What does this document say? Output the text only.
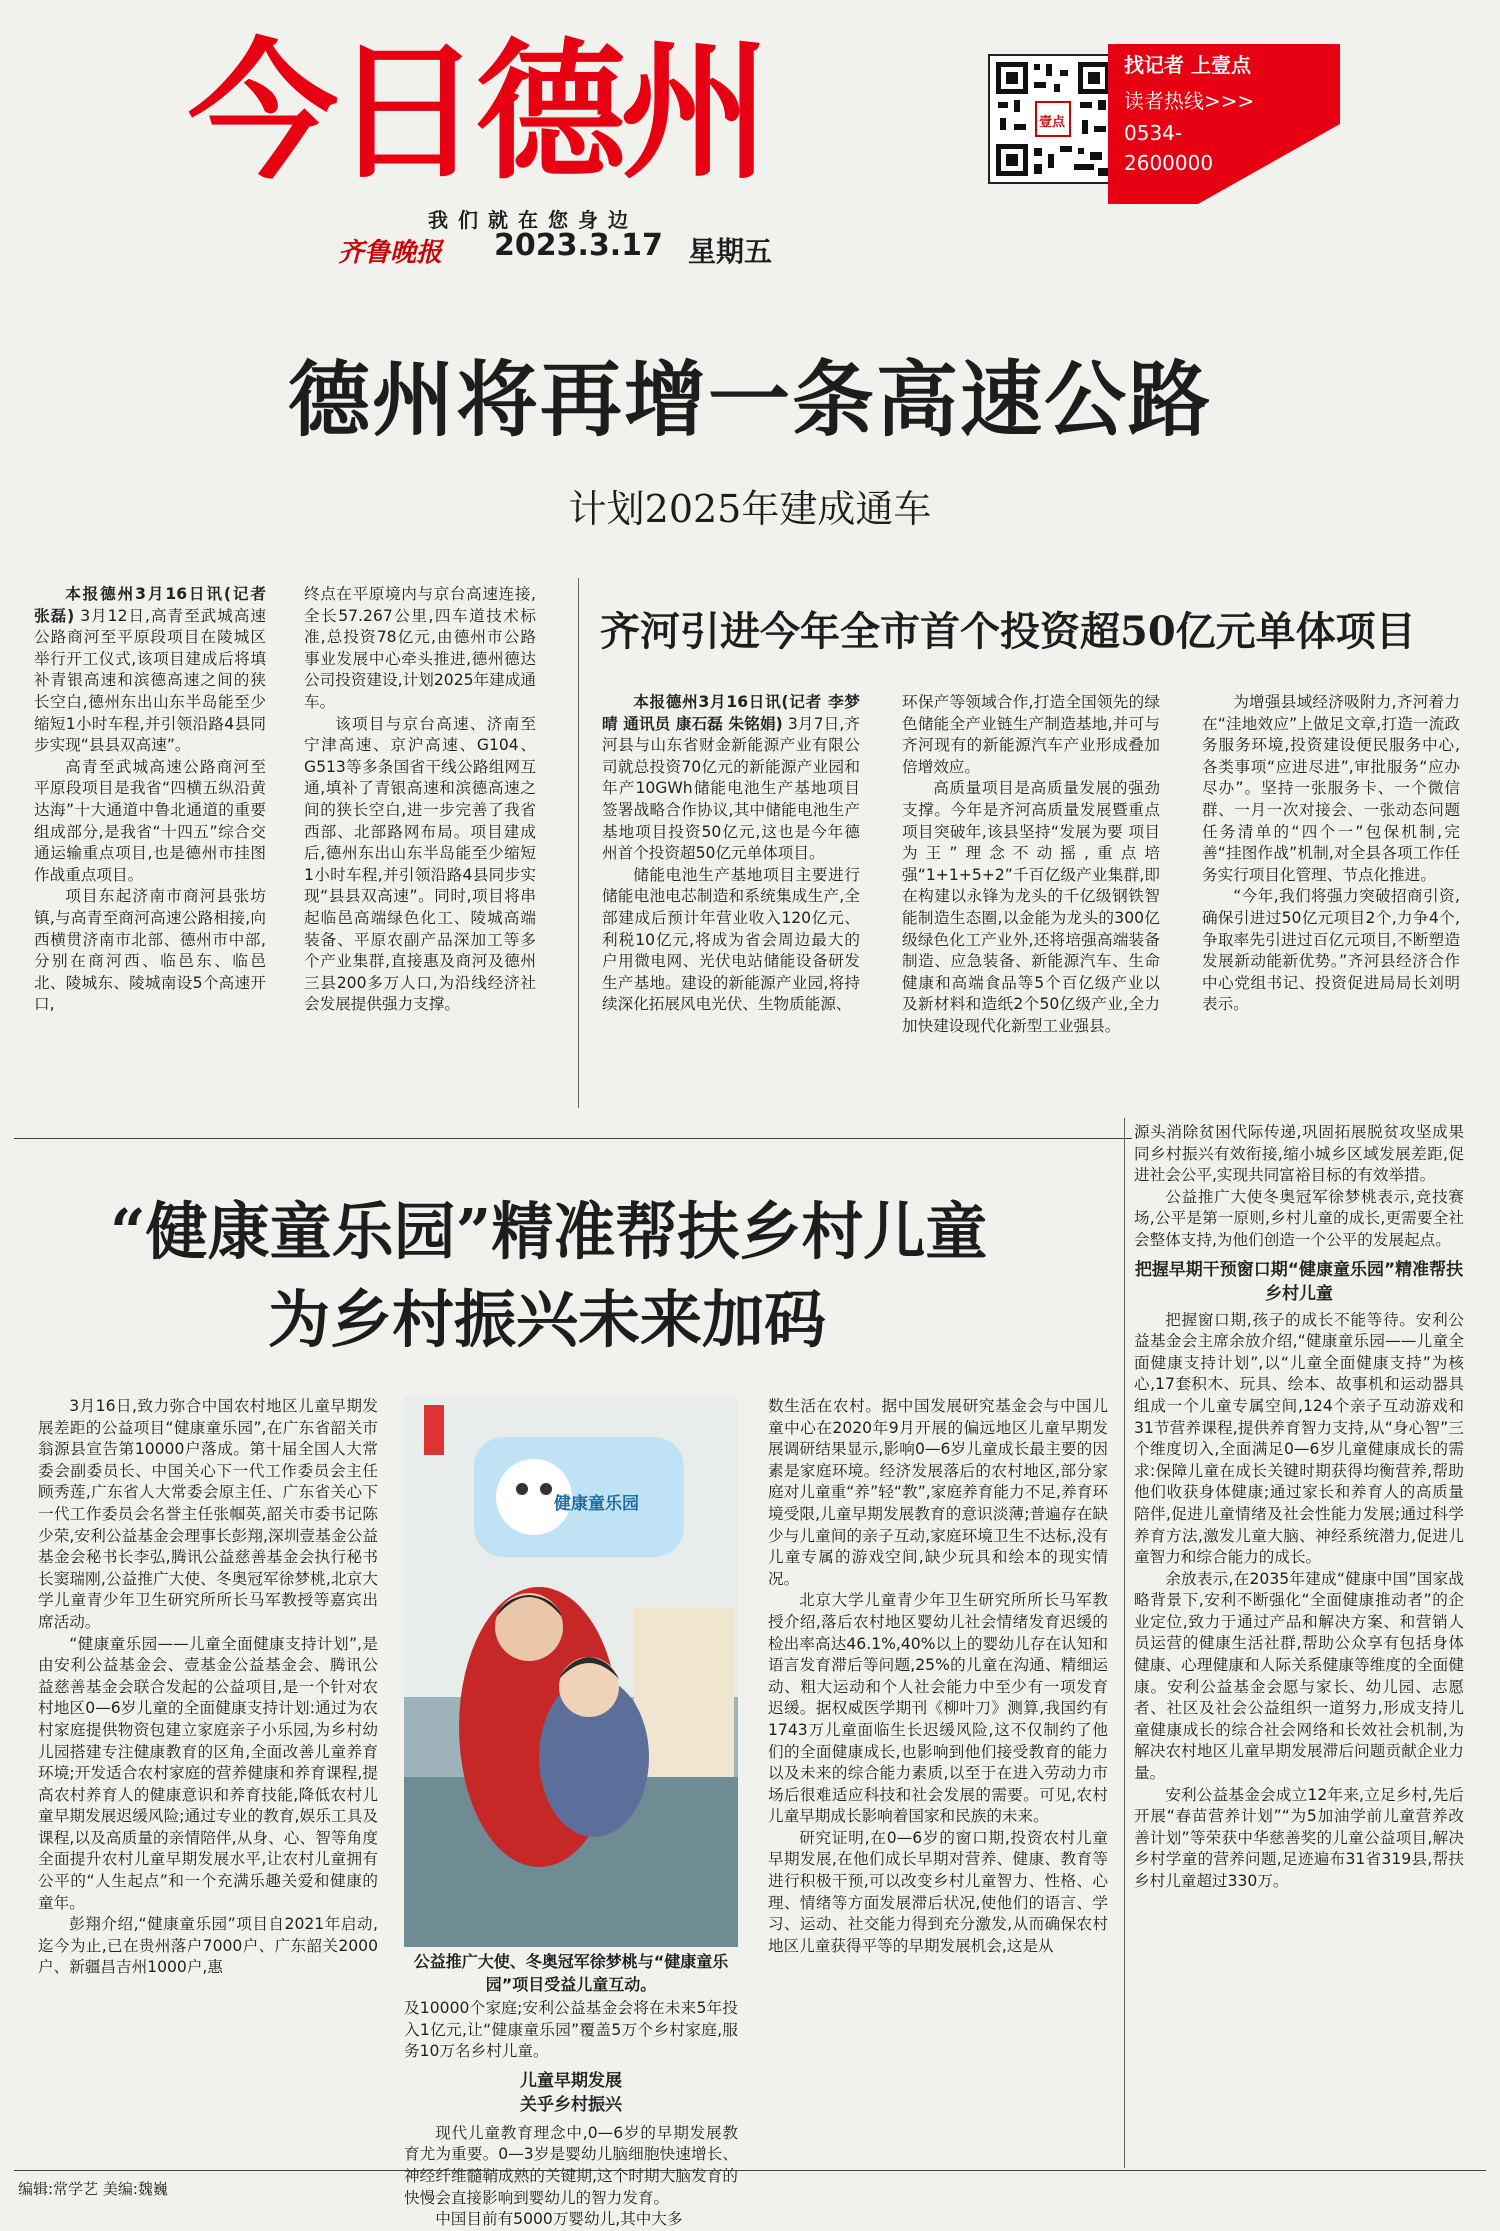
今日德州	壹点
找记者 上壹点
读者热线>>>
0534-
2600000
我们就在您身边
齐鲁晚报 2023.3.17 星期五
德州将再增一条高速公路
计划2025年建成通车

本报德州3月16日讯(记者 张磊) 3月12日,高青至武城高速公路商河至平原段项目在陵城区举行开工仪式,该项目建成后将填补青银高速和滨德高速之间的狭长空白,德州东出山东半岛能至少缩短1小时车程,并引领沿路4县同步实现“县县双高速”。

高青至武城高速公路商河至平原段项目是我省“四横五纵沿黄达海”十大通道中鲁北通道的重要组成部分,是我省“十四五”综合交通运输重点项目,也是德州市挂图作战重点项目。

项目东起济南市商河县张坊镇,与高青至商河高速公路相接,向西横贯济南市北部、德州市中部,分别在商河西、临邑东、临邑北、陵城东、陵城南设5个高速开口,

终点在平原境内与京台高速连接,全长57.267公里,四车道技术标准,总投资78亿元,由德州市公路事业发展中心牵头推进,德州德达公司投资建设,计划2025年建成通车。

该项目与京台高速、济南至宁津高速、京沪高速、G104、G513等多条国省干线公路组网互通,填补了青银高速和滨德高速之间的狭长空白,进一步完善了我省西部、北部路网布局。项目建成后,德州东出山东半岛能至少缩短1小时车程,并引领沿路4县同步实现“县县双高速”。同时,项目将串起临邑高端绿色化工、陵城高端装备、平原农副产品深加工等多个产业集群,直接惠及商河及德州三县200多万人口,为沿线经济社会发展提供强力支撑。

齐河引进今年全市首个投资超50亿元单体项目

本报德州3月16日讯(记者 李梦晴 通讯员 康石磊 朱铭娟) 3月7日,齐河县与山东省财金新能源产业有限公司就总投资70亿元的新能源产业园和年产10GWh储能电池生产基地项目签署战略合作协议,其中储能电池生产基地项目投资50亿元,这也是今年德州首个投资超50亿元单体项目。

储能电池生产基地项目主要进行储能电池电芯制造和系统集成生产,全部建成后预计年营业收入120亿元、利税10亿元,将成为省会周边最大的户用微电网、光伏电站储能设备研发生产基地。建设的新能源产业园,将持续深化拓展风电光伏、生物质能源、

环保产等领域合作,打造全国领先的绿色储能全产业链生产制造基地,并可与齐河现有的新能源汽车产业形成叠加倍增效应。

高质量项目是高质量发展的强劲支撑。今年是齐河高质量发展暨重点项目突破年,该县坚持“发展为要 项目为王”理念不动摇,重点培强“1+1+5+2”千百亿级产业集群,即在构建以永锋为龙头的千亿级钢铁智能制造生态圈,以金能为龙头的300亿级绿色化工产业外,还将培强高端装备制造、应急装备、新能源汽车、生命健康和高端食品等5个百亿级产业以及新材料和造纸2个50亿级产业,全力加快建设现代化新型工业强县。

为增强县域经济吸附力,齐河着力在“洼地效应”上做足文章,打造一流政务服务环境,投资建设便民服务中心,各类事项“应进尽进”,审批服务“应办尽办”。坚持一张服务卡、一个微信群、一月一次对接会、一张动态问题任务清单的“四个一”包保机制,完善“挂图作战”机制,对全县各项工作任务实行项目化管理、节点化推进。

“今年,我们将强力突破招商引资,确保引进过50亿元项目2个,力争4个,争取率先引进过百亿元项目,不断塑造发展新动能新优势。”齐河县经济合作中心党组书记、投资促进局局长刘明表示。

“健康童乐园”精准帮扶乡村儿童
为乡村振兴未来加码

源头消除贫困代际传递,巩固拓展脱贫攻坚成果同乡村振兴有效衔接,缩小城乡区域发展差距,促进社会公平,实现共同富裕目标的有效举措。

公益推广大使冬奥冠军徐梦桃表示,竞技赛场,公平是第一原则,乡村儿童的成长,更需要全社会整体支持,为他们创造一个公平的发展起点。

把握早期干预窗口期“健康童乐园”精准帮扶乡村儿童

把握窗口期,孩子的成长不能等待。安利公益基金会主席余放介绍,“健康童乐园——儿童全面健康支持计划”,以“儿童全面健康支持”为核心,17套积木、玩具、绘本、故事机和运动器具组成一个儿童专属空间,124个亲子互动游戏和31节营养课程,提供养育智力支持,从“身心智”三个维度切入,全面满足0—6岁儿童健康成长的需求:保障儿童在成长关键时期获得均衡营养,帮助他们收获身体健康;通过家长和养育人的高质量陪伴,促进儿童情绪及社会性能力发展;通过科学养育方法,激发儿童大脑、神经系统潜力,促进儿童智力和综合能力的成长。

余放表示,在2035年建成“健康中国”国家战略背景下,安利不断强化“全面健康推动者”的企业定位,致力于通过产品和解决方案、和营销人员运营的健康生活社群,帮助公众享有包括身体健康、心理健康和人际关系健康等维度的全面健康。安利公益基金会愿与家长、幼儿园、志愿者、社区及社会公益组织一道努力,形成支持儿童健康成长的综合社会网络和长效社会机制,为解决农村地区儿童早期发展滞后问题贡献企业力量。

安利公益基金会成立12年来,立足乡村,先后开展“春苗营养计划”“为5加油学前儿童营养改善计划”等荣获中华慈善奖的儿童公益项目,解决乡村学童的营养问题,足迹遍布31省319县,帮扶乡村儿童超过330万。

3月16日,致力弥合中国农村地区儿童早期发展差距的公益项目“健康童乐园”,在广东省韶关市翁源县宣告第10000户落成。第十届全国人大常委会副委员长、中国关心下一代工作委员会主任顾秀莲,广东省人大常委会原主任、广东省关心下一代工作委员会名誉主任张帼英,韶关市委书记陈少荣,安利公益基金会理事长彭翔,深圳壹基金公益基金会秘书长李弘,腾讯公益慈善基金会执行秘书长窦瑞刚,公益推广大使、冬奥冠军徐梦桃,北京大学儿童青少年卫生研究所所长马军教授等嘉宾出席活动。

“健康童乐园——儿童全面健康支持计划”,是由安利公益基金会、壹基金公益基金会、腾讯公益慈善基金会联合发起的公益项目,是一个针对农村地区0—6岁儿童的全面健康支持计划:通过为农村家庭提供物资包建立家庭亲子小乐园,为乡村幼儿园搭建专注健康教育的区角,全面改善儿童养育环境;开发适合农村家庭的营养健康和养育课程,提高农村养育人的健康意识和养育技能,降低农村儿童早期发展迟缓风险;通过专业的教育,娱乐工具及课程,以及高质量的亲情陪伴,从身、心、智等角度全面提升农村儿童早期发展水平,让农村儿童拥有公平的“人生起点”和一个充满乐趣关爱和健康的童年。

彭翔介绍,“健康童乐园”项目自2021年启动,迄今为止,已在贵州落户7000户、广东韶关2000户、新疆昌吉州1000户,惠

健康童乐园
公益推广大使、冬奥冠军徐梦桃与“健康童乐园”项目受益儿童互动。

及10000个家庭;安利公益基金会将在未来5年投入1亿元,让“健康童乐园”覆盖5万个乡村家庭,服务10万名乡村儿童。

儿童早期发展
关乎乡村振兴

现代儿童教育理念中,0—6岁的早期发展教育尤为重要。0—3岁是婴幼儿脑细胞快速增长、神经纤维髓鞘成熟的关键期,这个时期大脑发育的快慢会直接影响到婴幼儿的智力发育。

中国目前有5000万婴幼儿,其中大多

数生活在农村。据中国发展研究基金会与中国儿童中心在2020年9月开展的偏远地区儿童早期发展调研结果显示,影响0—6岁儿童成长最主要的因素是家庭环境。经济发展落后的农村地区,部分家庭对儿童重“养”轻“教”,家庭养育能力不足,养育环境受限,儿童早期发展教育的意识淡薄;普遍存在缺少与儿童间的亲子互动,家庭环境卫生不达标,没有儿童专属的游戏空间,缺少玩具和绘本的现实情况。

北京大学儿童青少年卫生研究所所长马军教授介绍,落后农村地区婴幼儿社会情绪发育迟缓的检出率高达46.1%,40%以上的婴幼儿存在认知和语言发育滞后等问题,25%的儿童在沟通、精细运动、粗大运动和个人社会能力中至少有一项发育迟缓。据权威医学期刊《柳叶刀》测算,我国约有1743万儿童面临生长迟缓风险,这不仅制约了他们的全面健康成长,也影响到他们接受教育的能力以及未来的综合能力素质,以至于在进入劳动力市场后很难适应科技和社会发展的需要。可见,农村儿童早期成长影响着国家和民族的未来。

研究证明,在0—6岁的窗口期,投资农村儿童早期发展,在他们成长早期对营养、健康、教育等进行积极干预,可以改变乡村儿童智力、性格、心理、情绪等方面发展滞后状况,使他们的语言、学习、运动、社交能力得到充分激发,从而确保农村地区儿童获得平等的早期发展机会,这是从

编辑:常学艺 美编:魏巍
